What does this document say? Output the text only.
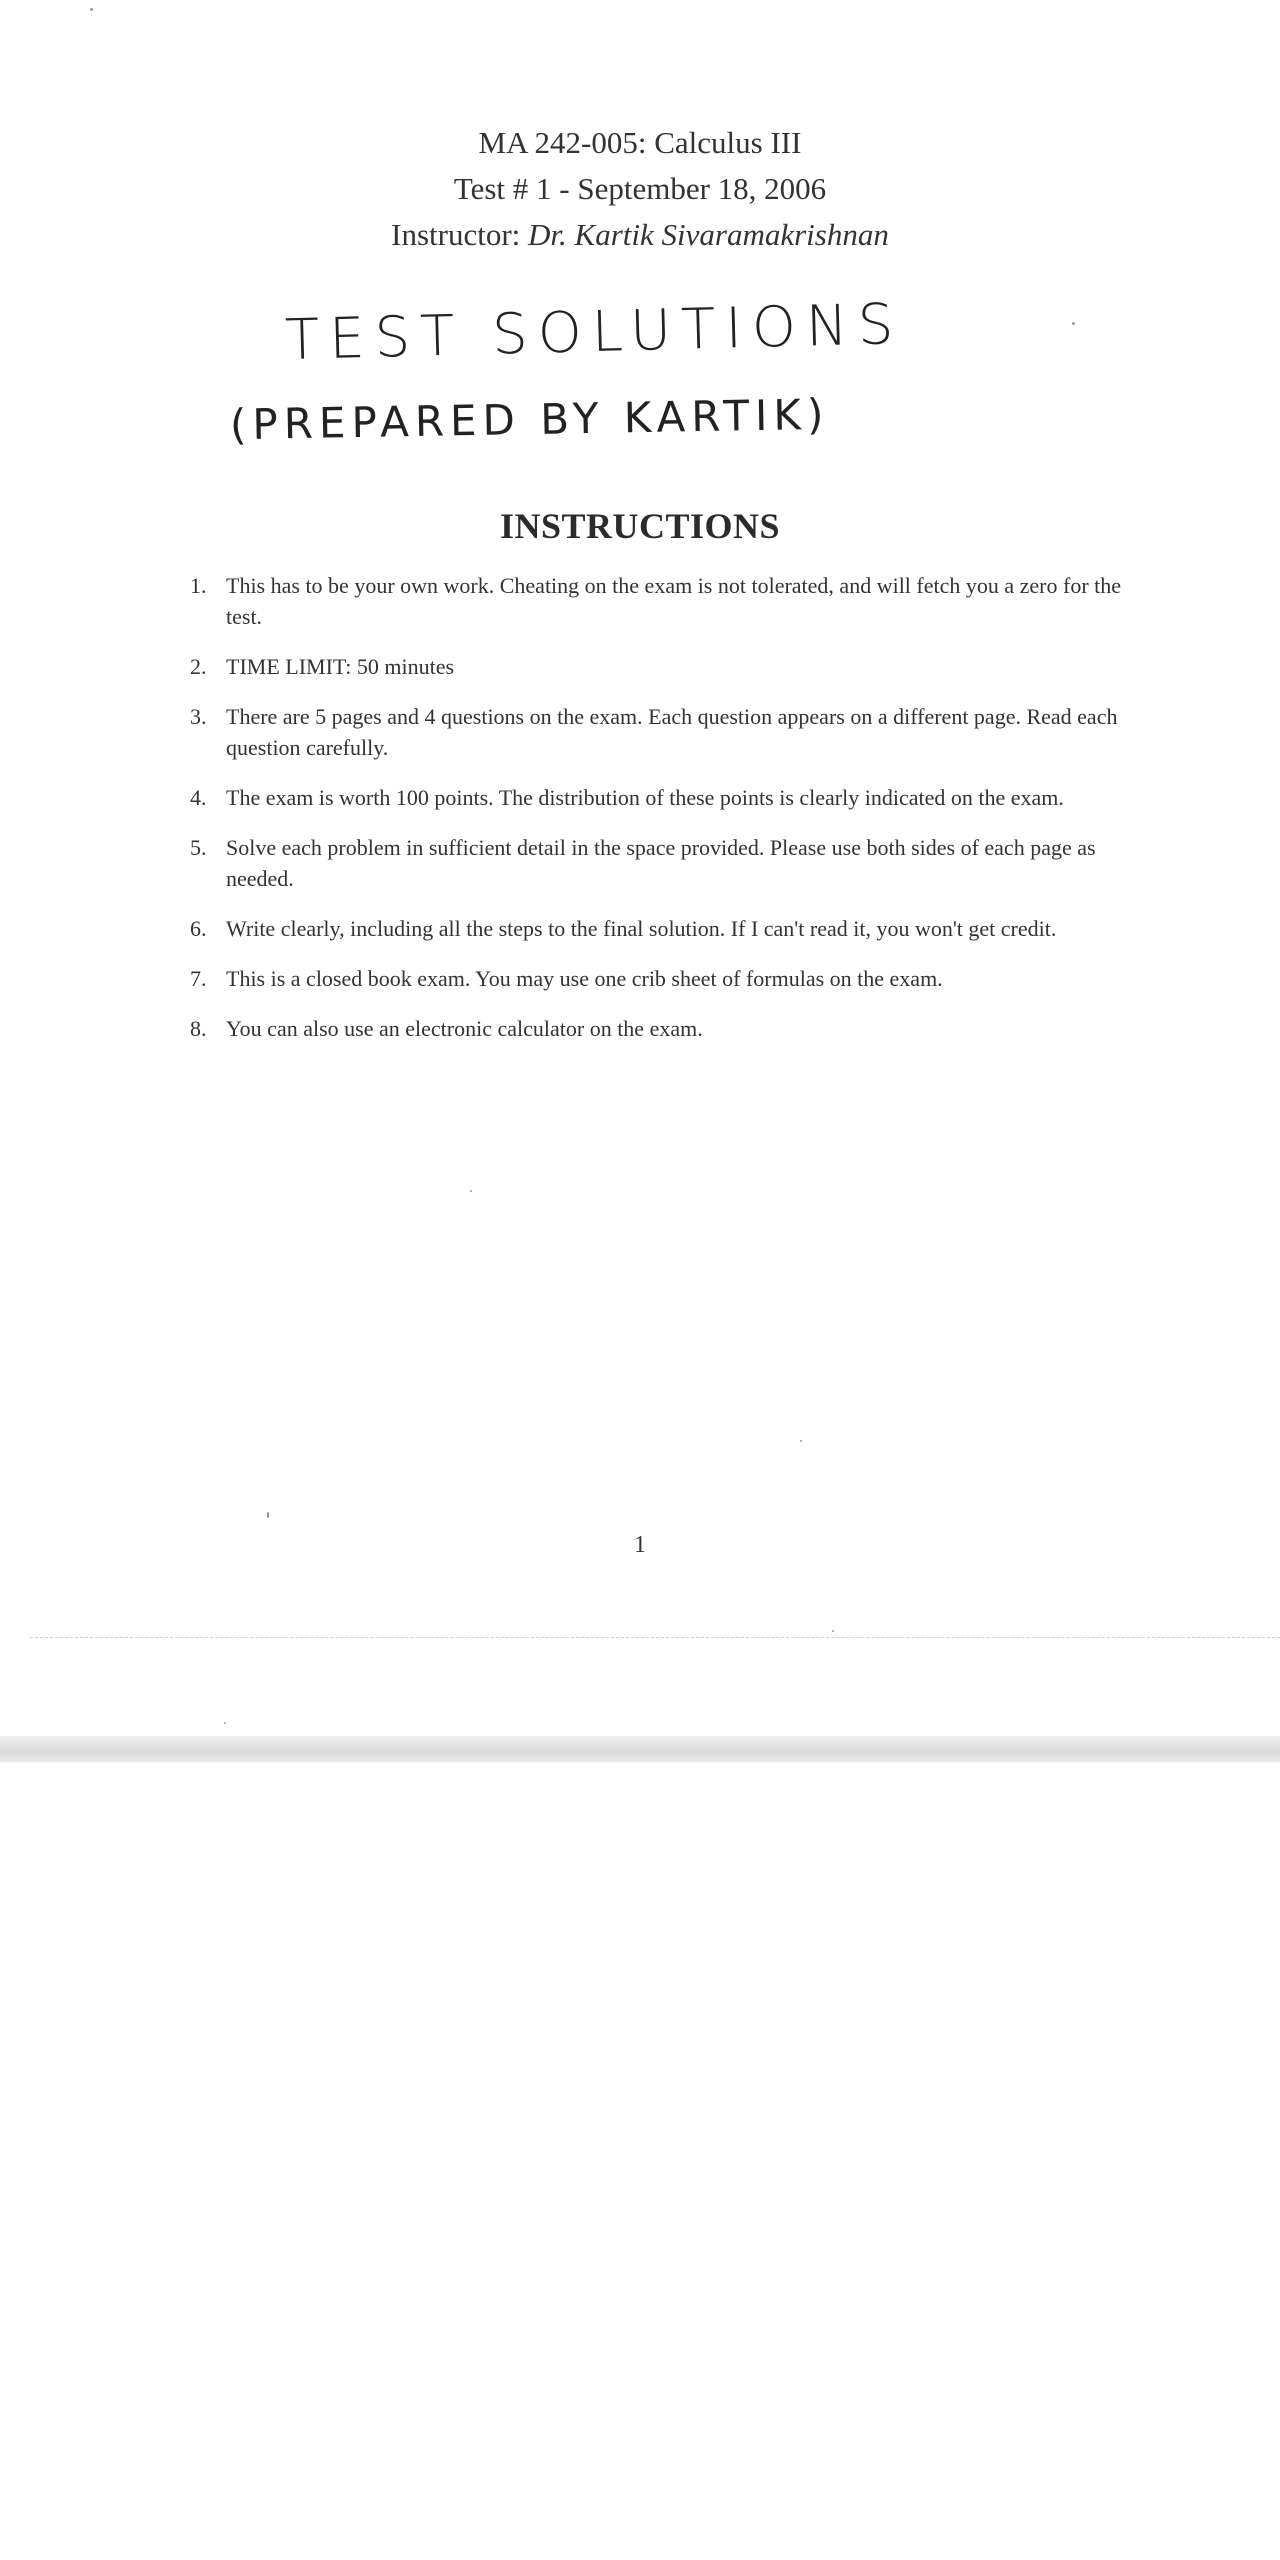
MA 242-005: Calculus III
Test # 1 - September 18, 2006
Instructor: Dr. Kartik Sivaramakrishnan
TEST SOLUTIONS
(PREPARED BY KARTIK)
INSTRUCTIONS
1. This has to be your own work. Cheating on the exam is not tolerated, and will fetch you a zero for the test.
2. TIME LIMIT: 50 minutes
3. There are 5 pages and 4 questions on the exam. Each question appears on a different page. Read each question carefully.
4. The exam is worth 100 points. The distribution of these points is clearly indicated on the exam.
5. Solve each problem in sufficient detail in the space provided. Please use both sides of each page as needed.
6. Write clearly, including all the steps to the final solution. If I can't read it, you won't get credit.
7. This is a closed book exam. You may use one crib sheet of formulas on the exam.
8. You can also use an electronic calculator on the exam.
1
